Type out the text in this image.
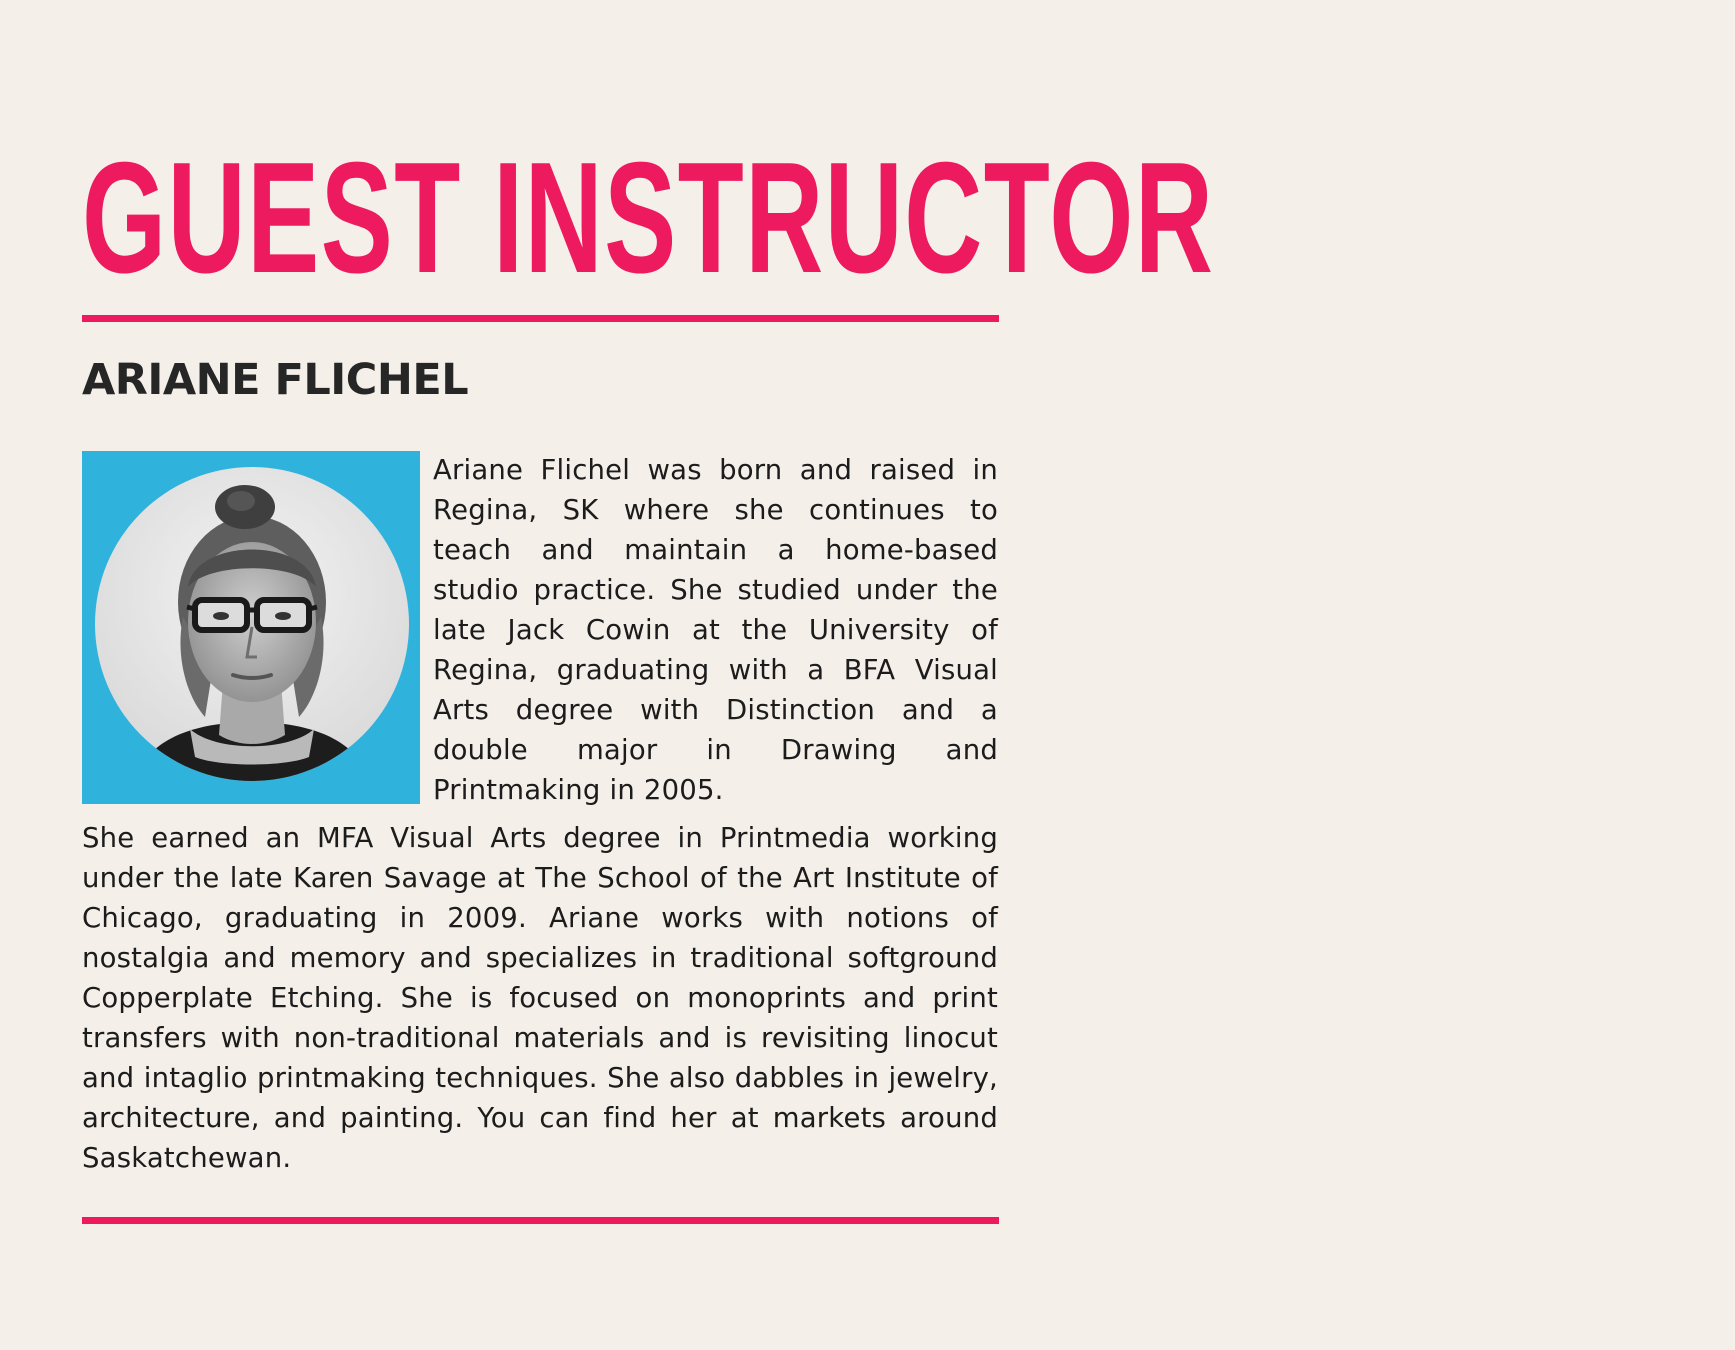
GUEST INSTRUCTOR
ARIANE FLICHEL

Ariane Flichel was born and raised in Regina, SK where she continues to teach and maintain a home-based studio practice. She studied under the late Jack Cowin at the University of Regina, graduating with a BFA Visual Arts degree with Distinction and a double major in Drawing and Printmaking in 2005.

She earned an MFA Visual Arts degree in Printmedia working under the late Karen Savage at The School of the Art Institute of Chicago, graduating in 2009. Ariane works with notions of nostalgia and memory and specializes in traditional softground Copperplate Etching. She is focused on monoprints and print transfers with non-traditional materials and is revisiting linocut and intaglio printmaking techniques. She also dabbles in jewelry, architecture, and painting. You can find her at markets around Saskatchewan.
